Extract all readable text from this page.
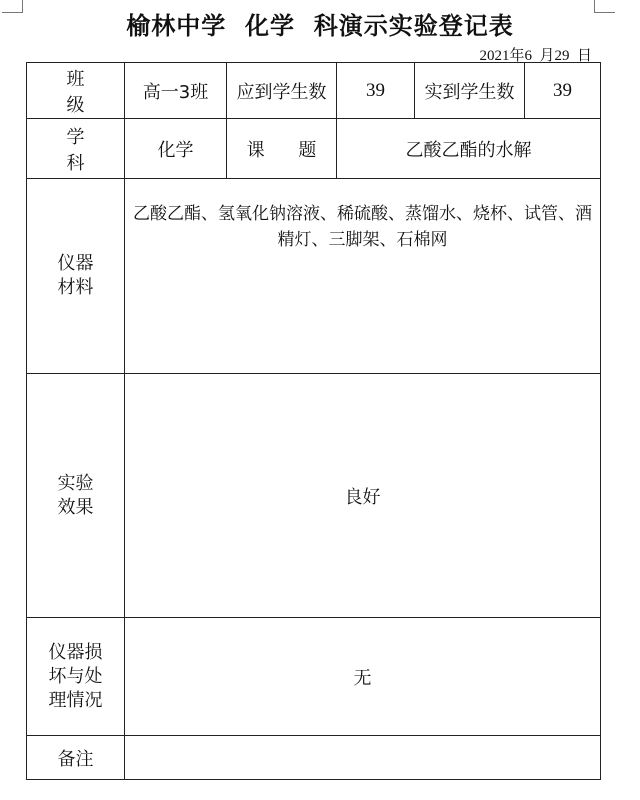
榆林中学  化学  科演示实验登记表
2021年6  月29  日
班 级	高一3班	应到学生数	39	实到学生数	39
学 科	化学	课 题	乙酸乙酯的水解		

仪器
材料	乙酸乙酯、氢氧化钠溶液、稀硫酸、蒸馏水、烧杯、试管、酒精灯、三脚架、石棉网				

实验
效果	良好				

仪器损
坏与处
理情况	无				
备注					
